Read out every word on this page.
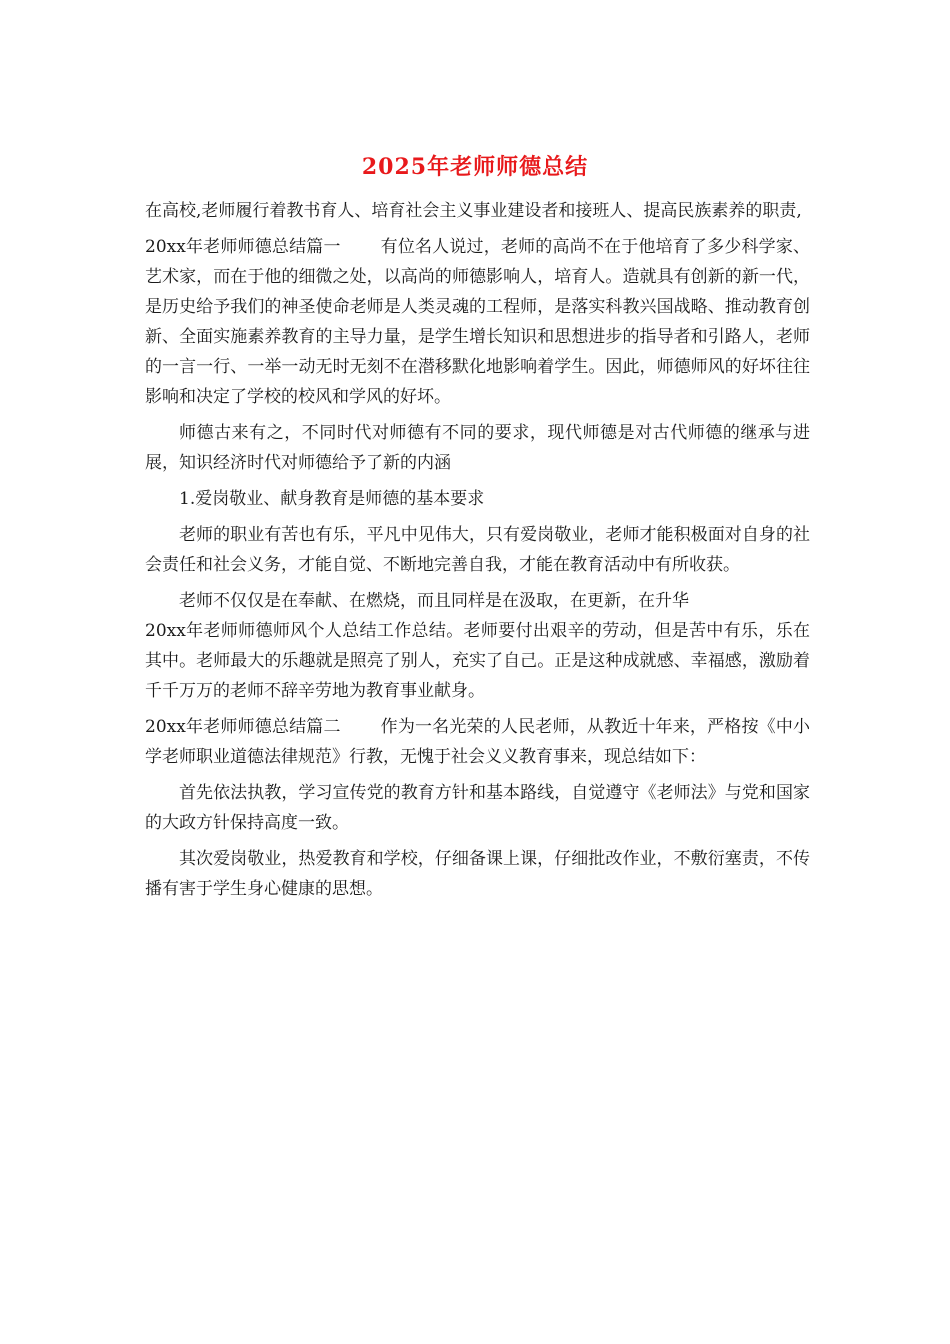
2025年老师师德总结

在高校,老师履行着教书育人、培育社会主义事业建设者和接班人、提高民族素养的职责,

20xx年老师师德总结篇一 有位名人说过，老师的高尚不在于他培育了多少科学家、艺术家，而在于他的细微之处，以高尚的师德影响人，培育人。造就具有创新的新一代，是历史给予我们的神圣使命老师是人类灵魂的工程师，是落实科教兴国战略、推动教育创新、全面实施素养教育的主导力量，是学生增长知识和思想进步的指导者和引路人，老师的一言一行、一举一动无时无刻不在潜移默化地影响着学生。因此，师德师风的好坏往往影响和决定了学校的校风和学风的好坏。

师德古来有之，不同时代对师德有不同的要求，现代师德是对古代师德的继承与进展，知识经济时代对师德给予了新的内涵

1.爱岗敬业、献身教育是师德的基本要求

老师的职业有苦也有乐，平凡中见伟大，只有爱岗敬业，老师才能积极面对自身的社会责任和社会义务，才能自觉、不断地完善自我，才能在教育活动中有所收获。

老师不仅仅是在奉献、在燃烧，而且同样是在汲取，在更新，在升华

20xx年老师师德师风个人总结工作总结。老师要付出艰辛的劳动，但是苦中有乐，乐在其中。老师最大的乐趣就是照亮了别人，充实了自己。正是这种成就感、幸福感，激励着千千万万的老师不辞辛劳地为教育事业献身。

20xx年老师师德总结篇二 作为一名光荣的人民老师，从教近十年来，严格按《中小学老师职业道德法律规范》行教，无愧于社会义义教育事来，现总结如下：

首先依法执教，学习宣传党的教育方针和基本路线，自觉遵守《老师法》与党和国家的大政方针保持高度一致。

其次爱岗敬业，热爱教育和学校，仔细备课上课，仔细批改作业，不敷衍塞责，不传播有害于学生身心健康的思想。
